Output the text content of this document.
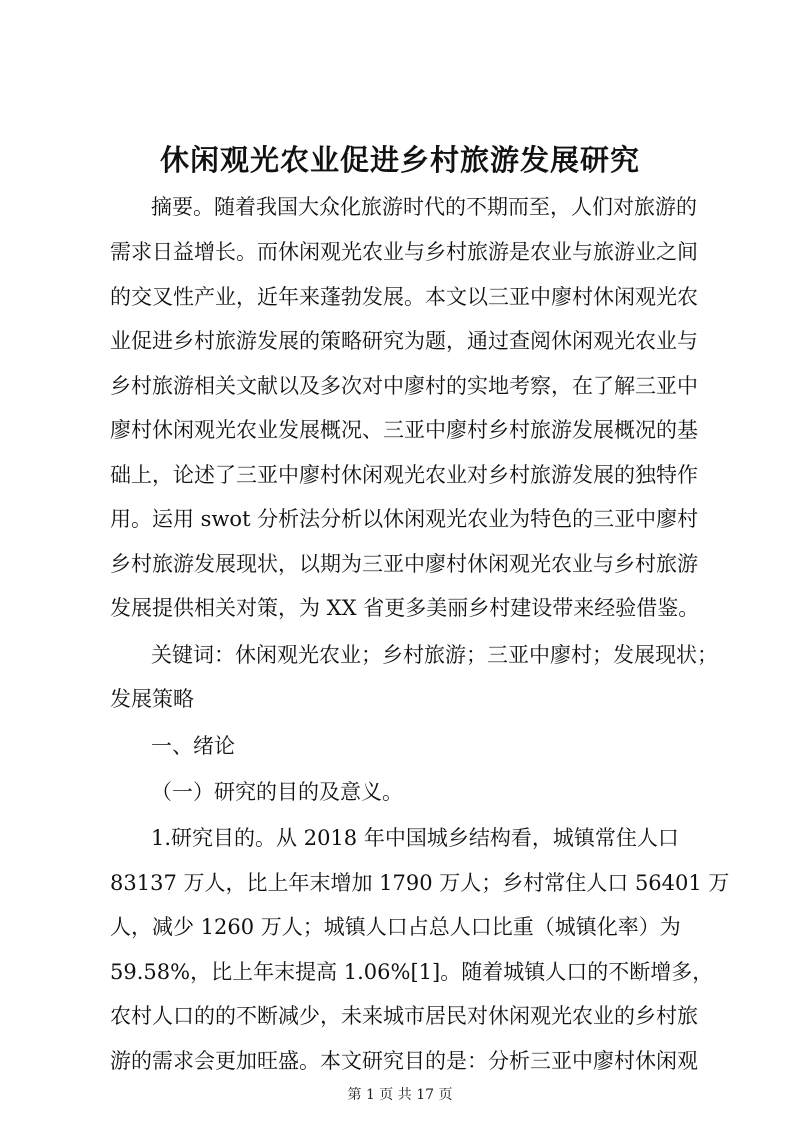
休闲观光农业促进乡村旅游发展研究
摘要。随着我国大众化旅游时代的不期而至，人们对旅游的
需求日益增长。而休闲观光农业与乡村旅游是农业与旅游业之间
的交叉性产业，近年来蓬勃发展。本文以三亚中廖村休闲观光农
业促进乡村旅游发展的策略研究为题，通过查阅休闲观光农业与
乡村旅游相关文献以及多次对中廖村的实地考察，在了解三亚中
廖村休闲观光农业发展概况、三亚中廖村乡村旅游发展概况的基
础上，论述了三亚中廖村休闲观光农业对乡村旅游发展的独特作
用。运用 swot 分析法分析以休闲观光农业为特色的三亚中廖村
乡村旅游发展现状，以期为三亚中廖村休闲观光农业与乡村旅游
发展提供相关对策，为 XX 省更多美丽乡村建设带来经验借鉴。
关键词：休闲观光农业；乡村旅游；三亚中廖村；发展现状；
发展策略
一、绪论
（一）研究的目的及意义。
1.研究目的。从 2018 年中国城乡结构看，城镇常住人口
83137 万人，比上年末增加 1790 万人；乡村常住人口 56401 万
人，减少 1260 万人；城镇人口占总人口比重（城镇化率）为
59.58%，比上年末提高 1.06%[1]。随着城镇人口的不断增多，
农村人口的的不断减少，未来城市居民对休闲观光农业的乡村旅
游的需求会更加旺盛。本文研究目的是：分析三亚中廖村休闲观
第 1 页 共 17 页
